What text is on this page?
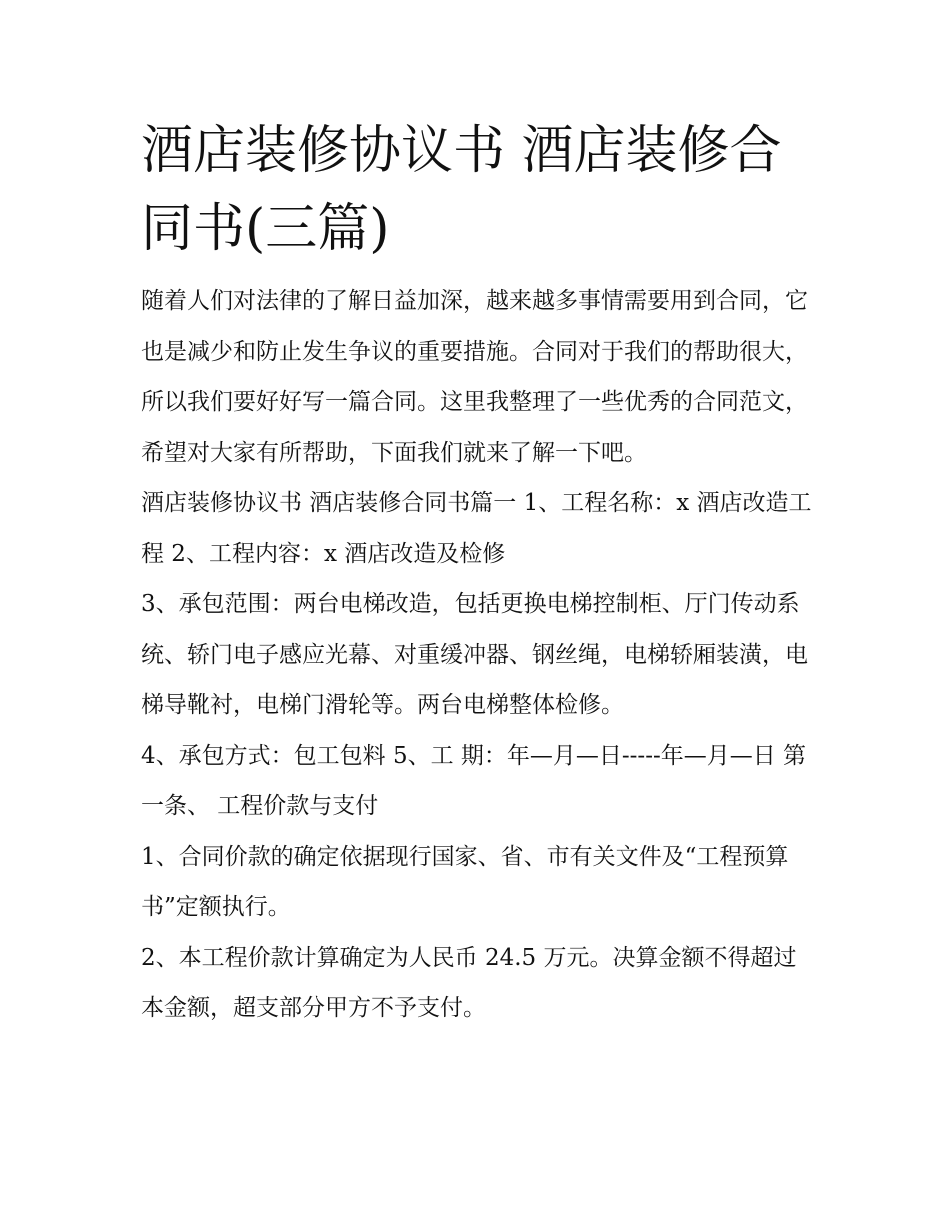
酒店装修协议书 酒店装修合同书(三篇)

随着人们对法律的了解日益加深，越来越多事情需要用到合同，它也是减少和防止发生争议的重要措施。合同对于我们的帮助很大，所以我们要好好写一篇合同。这里我整理了一些优秀的合同范文，希望对大家有所帮助，下面我们就来了解一下吧。

酒店装修协议书 酒店装修合同书篇一 1、工程名称：x 酒店改造工程 2、工程内容：x 酒店改造及检修

3、承包范围：两台电梯改造，包括更换电梯控制柜、厅门传动系统、轿门电子感应光幕、对重缓冲器、钢丝绳，电梯轿厢装潢，电梯导靴衬，电梯门滑轮等。两台电梯整体检修。

4、承包方式：包工包料 5、工 期：年—月—日-----年—月—日 第一条、 工程价款与支付

1、合同价款的确定依据现行国家、省、市有关文件及“工程预算书”定额执行。

2、本工程价款计算确定为人民币 24.5 万元。决算金额不得超过本金额，超支部分甲方不予支付。
